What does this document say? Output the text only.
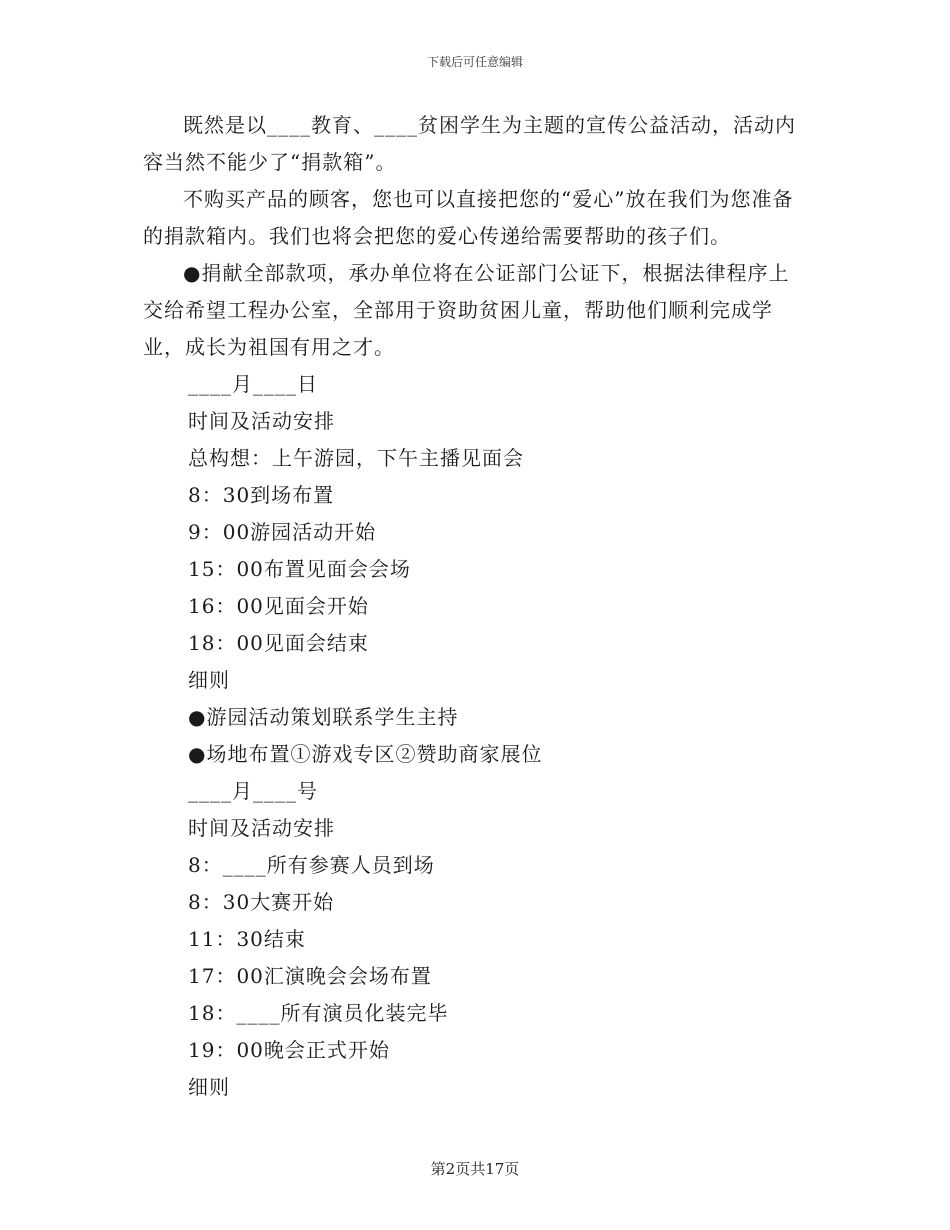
下载后可任意编辑

既然是以____教育、____贫困学生为主题的宣传公益活动，活动内容当然不能少了“捐款箱”。

不购买产品的顾客，您也可以直接把您的“爱心”放在我们为您准备的捐款箱内。我们也将会把您的爱心传递给需要帮助的孩子们。

●捐献全部款项，承办单位将在公证部门公证下，根据法律程序上交给希望工程办公室，全部用于资助贫困儿童，帮助他们顺利完成学业，成长为祖国有用之才。

____月____日

时间及活动安排

总构想：上午游园，下午主播见面会

8：30到场布置

9：00游园活动开始

15：00布置见面会会场

16：00见面会开始

18：00见面会结束

细则

●游园活动策划联系学生主持

●场地布置①游戏专区②赞助商家展位

____月____号

时间及活动安排

8：____所有参赛人员到场

8：30大赛开始

11：30结束

17：00汇演晚会会场布置

18：____所有演员化装完毕

19：00晚会正式开始

细则

第2页共17页
